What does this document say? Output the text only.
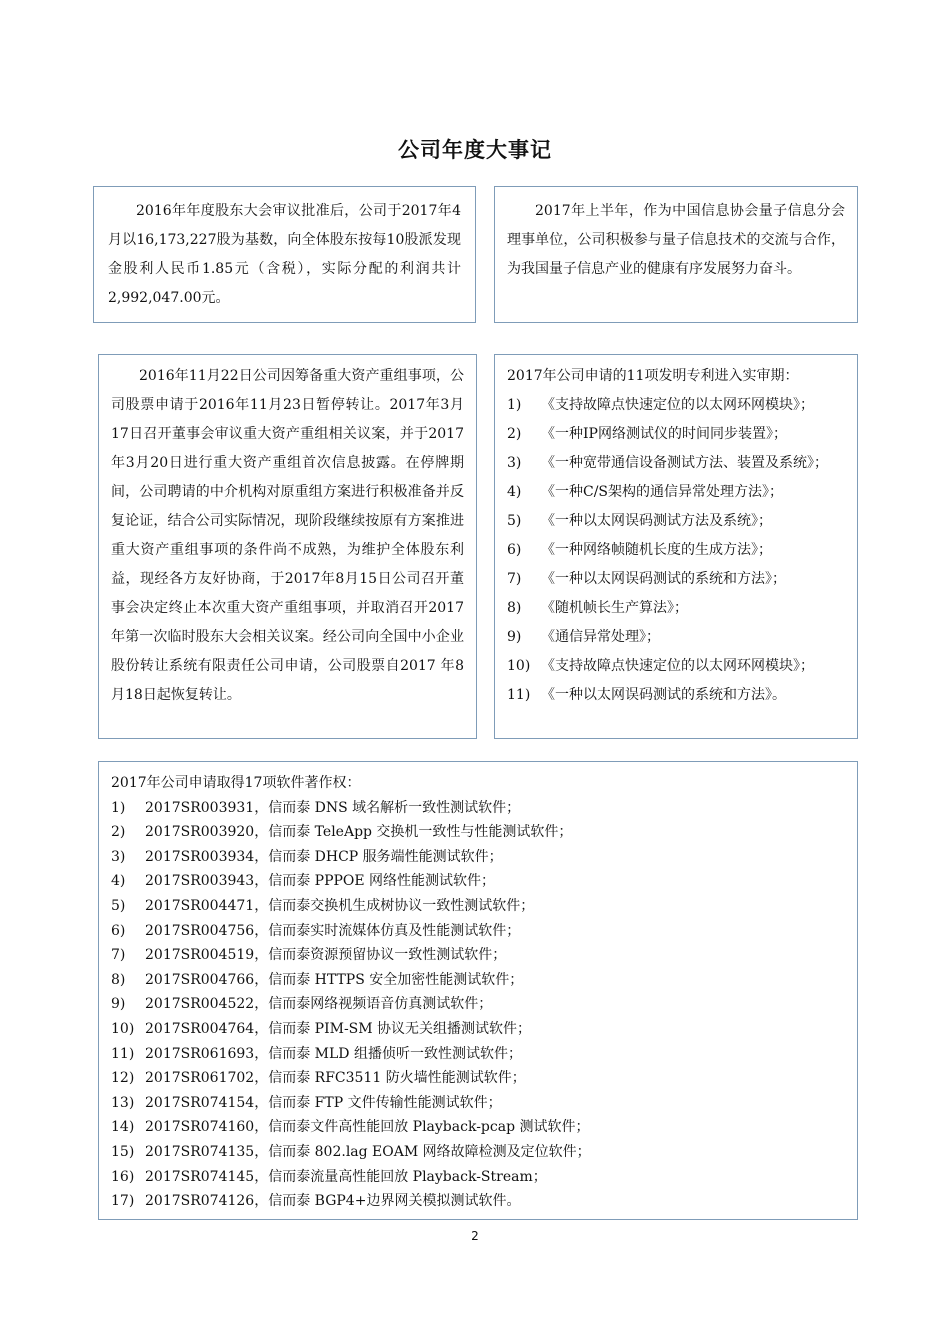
公司年度大事记

2016年年度股东大会审议批准后，公司于2017年4月以16,173,227股为基数，向全体股东按每10股派发现金股利人民币1.85元（含税），实际分配的利润共计2,992,047.00元。

2017年上半年，作为中国信息协会量子信息分会理事单位，公司积极参与量子信息技术的交流与合作，为我国量子信息产业的健康有序发展努力奋斗。

2016年11月22日公司因筹备重大资产重组事项，公司股票申请于2016年11月23日暂停转让。2017年3月17日召开董事会审议重大资产重组相关议案，并于2017年3月20日进行重大资产重组首次信息披露。在停牌期间，公司聘请的中介机构对原重组方案进行积极准备并反复论证，结合公司实际情况，现阶段继续按原有方案推进重大资产重组事项的条件尚不成熟，为维护全体股东利益，现经各方友好协商，于2017年8月15日公司召开董事会决定终止本次重大资产重组事项，并取消召开2017年第一次临时股东大会相关议案。经公司向全国中小企业股份转让系统有限责任公司申请，公司股票自2017 年8月18日起恢复转让。

2017年公司申请的11项发明专利进入实审期：

1) 《支持故障点快速定位的以太网环网模块》；
2) 《一种IP网络测试仪的时间同步装置》；
3) 《一种宽带通信设备测试方法、装置及系统》；
4) 《一种C/S架构的通信异常处理方法》；
5) 《一种以太网误码测试方法及系统》；
6) 《一种网络帧随机长度的生成方法》；
7) 《一种以太网误码测试的系统和方法》；
8) 《随机帧长生产算法》；
9) 《通信异常处理》；
10) 《支持故障点快速定位的以太网环网模块》；
11) 《一种以太网误码测试的系统和方法》。

2017年公司申请取得17项软件著作权：

1) 2017SR003931，信而泰 DNS 域名解析一致性测试软件；
2) 2017SR003920，信而泰 TeleApp 交换机一致性与性能测试软件；
3) 2017SR003934，信而泰 DHCP 服务端性能测试软件；
4) 2017SR003943，信而泰 PPPOE 网络性能测试软件；
5) 2017SR004471，信而泰交换机生成树协议一致性测试软件；
6) 2017SR004756，信而泰实时流媒体仿真及性能测试软件；
7) 2017SR004519，信而泰资源预留协议一致性测试软件；
8) 2017SR004766，信而泰 HTTPS 安全加密性能测试软件；
9) 2017SR004522，信而泰网络视频语音仿真测试软件；
10) 2017SR004764，信而泰 PIM-SM 协议无关组播测试软件；
11) 2017SR061693，信而泰 MLD 组播侦听一致性测试软件；
12) 2017SR061702，信而泰 RFC3511 防火墙性能测试软件；
13) 2017SR074154，信而泰 FTP 文件传输性能测试软件；
14) 2017SR074160，信而泰文件高性能回放 Playback-pcap 测试软件；
15) 2017SR074135，信而泰 802.lag EOAM 网络故障检测及定位软件；
16) 2017SR074145，信而泰流量高性能回放 Playback-Stream；
17) 2017SR074126，信而泰 BGP4+边界网关模拟测试软件。
2
